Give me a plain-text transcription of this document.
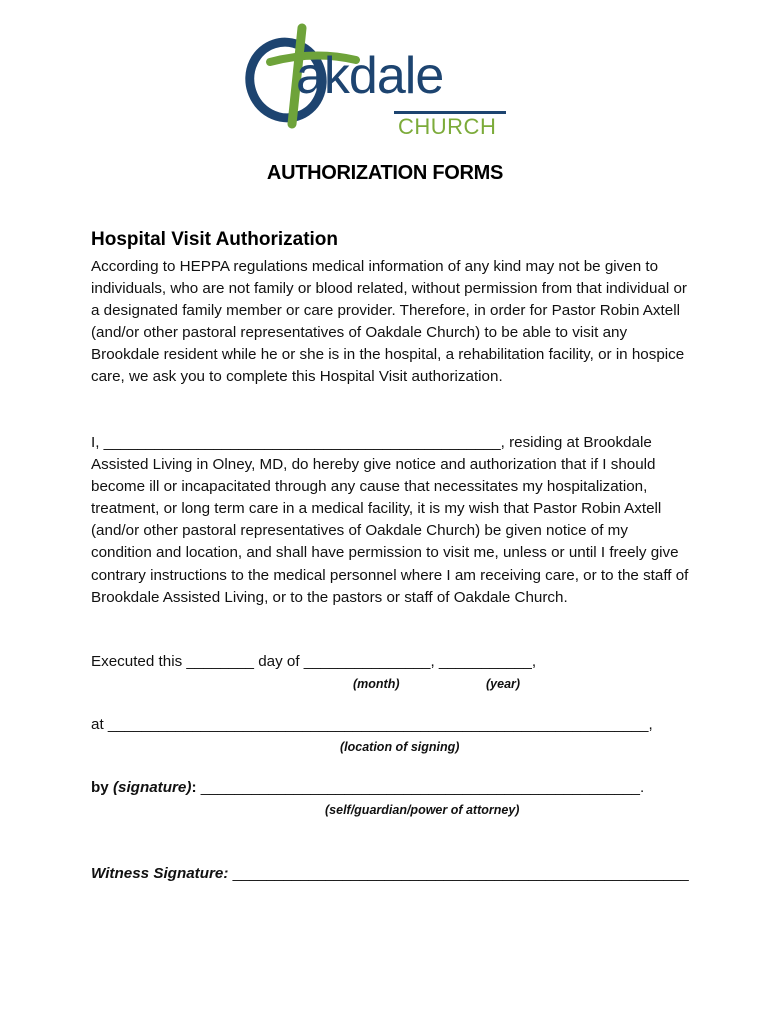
akdale
CHURCH
AUTHORIZATION FORMS
Hospital Visit Authorization
According to HEPPA regulations medical information of any kind may not be given to individuals, who are not family or blood related, without permission from that individual or a designated family member or care provider. Therefore, in order for Pastor Robin Axtell (and/or other pastoral representatives of Oakdale Church) to be able to visit any Brookdale resident while he or she is in the hospital, a rehabilitation facility, or in hospice care, we ask you to complete this Hospital Visit authorization.
I, _______________________________________________, residing at Brookdale Assisted Living in Olney, MD, do hereby give notice and authorization that if I should become ill or incapacitated through any cause that necessitates my hospitalization, treatment, or long term care in a medical facility, it is my wish that Pastor Robin Axtell (and/or other pastoral representatives of Oakdale Church) be given notice of my condition and location, and shall have permission to visit me, unless or until I freely give contrary instructions to the medical personnel where I am receiving care, or to the staff of Brookdale Assisted Living, or to the pastors or staff of Oakdale Church.
Executed this ________ day of _______________, ___________,
(month)	(year)
at ________________________________________________________________,
(location of signing)
by (signature): ____________________________________________________.
(self/guardian/power of attorney)
Witness Signature: ______________________________________________________
